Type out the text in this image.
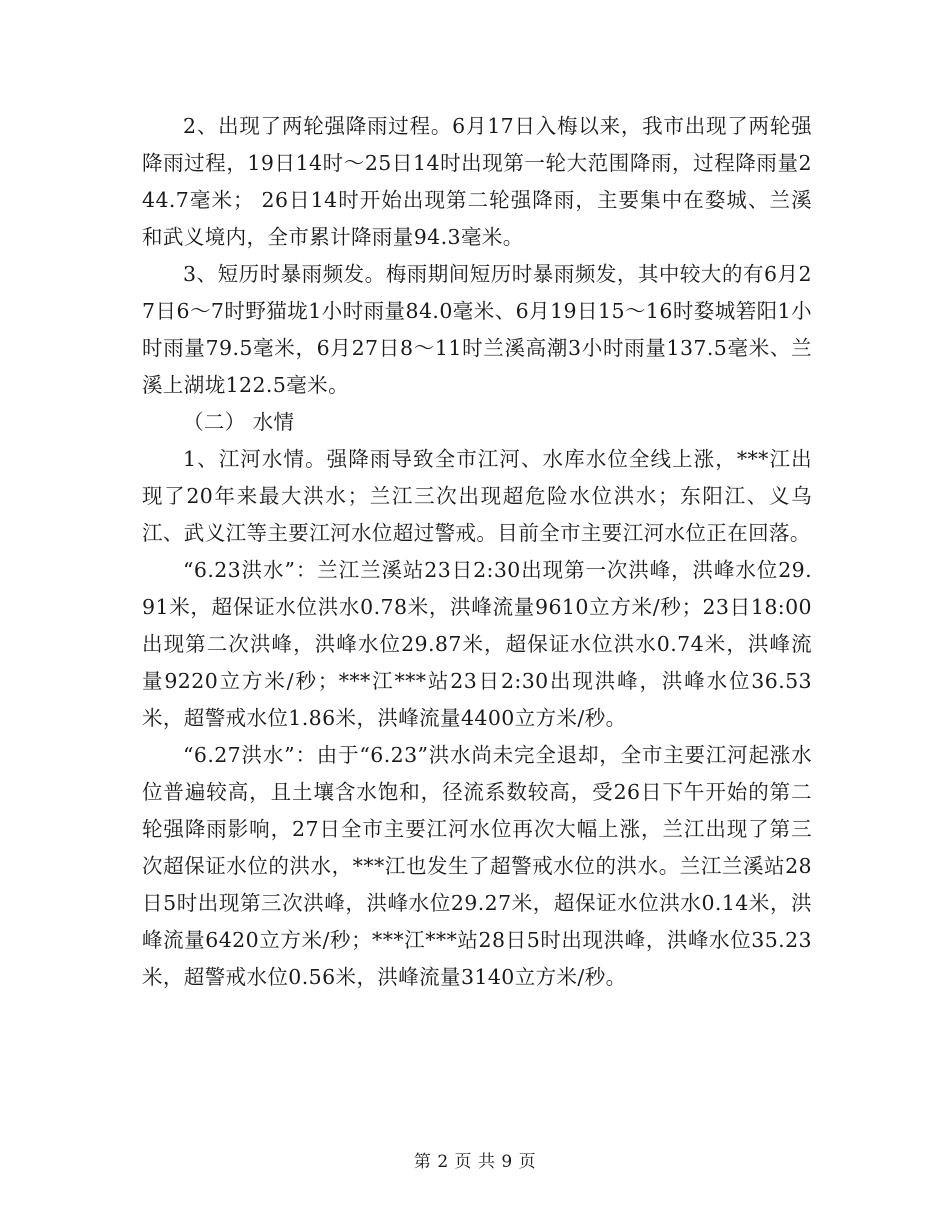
2、出现了两轮强降雨过程。6月17日入梅以来，我市出现了两轮强降雨过程，19日14时～25日14时出现第一轮大范围降雨，过程降雨量244.7毫米； 26日14时开始出现第二轮强降雨，主要集中在婺城、兰溪和武义境内，全市累计降雨量94.3毫米。

3、短历时暴雨频发。梅雨期间短历时暴雨频发，其中较大的有6月27日6～7时野猫垅1小时雨量84.0毫米、6月19日15～16时婺城箬阳1小时雨量79.5毫米，6月27日8～11时兰溪高潮3小时雨量137.5毫米、兰溪上湖垅122.5毫米。

（二） 水情

1、江河水情。强降雨导致全市江河、水库水位全线上涨，***江出现了20年来最大洪水；兰江三次出现超危险水位洪水；东阳江、义乌江、武义江等主要江河水位超过警戒。目前全市主要江河水位正在回落。

“6.23洪水”：兰江兰溪站23日2:30出现第一次洪峰，洪峰水位29.91米，超保证水位洪水0.78米，洪峰流量9610立方米/秒；23日18:00出现第二次洪峰，洪峰水位29.87米，超保证水位洪水0.74米，洪峰流量9220立方米/秒；***江***站23日2:30出现洪峰，洪峰水位36.53米，超警戒水位1.86米，洪峰流量4400立方米/秒。

“6.27洪水”：由于“6.23”洪水尚未完全退却，全市主要江河起涨水位普遍较高，且土壤含水饱和，径流系数较高，受26日下午开始的第二轮强降雨影响，27日全市主要江河水位再次大幅上涨，兰江出现了第三次超保证水位的洪水，***江也发生了超警戒水位的洪水。兰江兰溪站28日5时出现第三次洪峰，洪峰水位29.27米，超保证水位洪水0.14米，洪峰流量6420立方米/秒；***江***站28日5时出现洪峰，洪峰水位35.23米，超警戒水位0.56米，洪峰流量3140立方米/秒。

第 2 页 共 9 页
